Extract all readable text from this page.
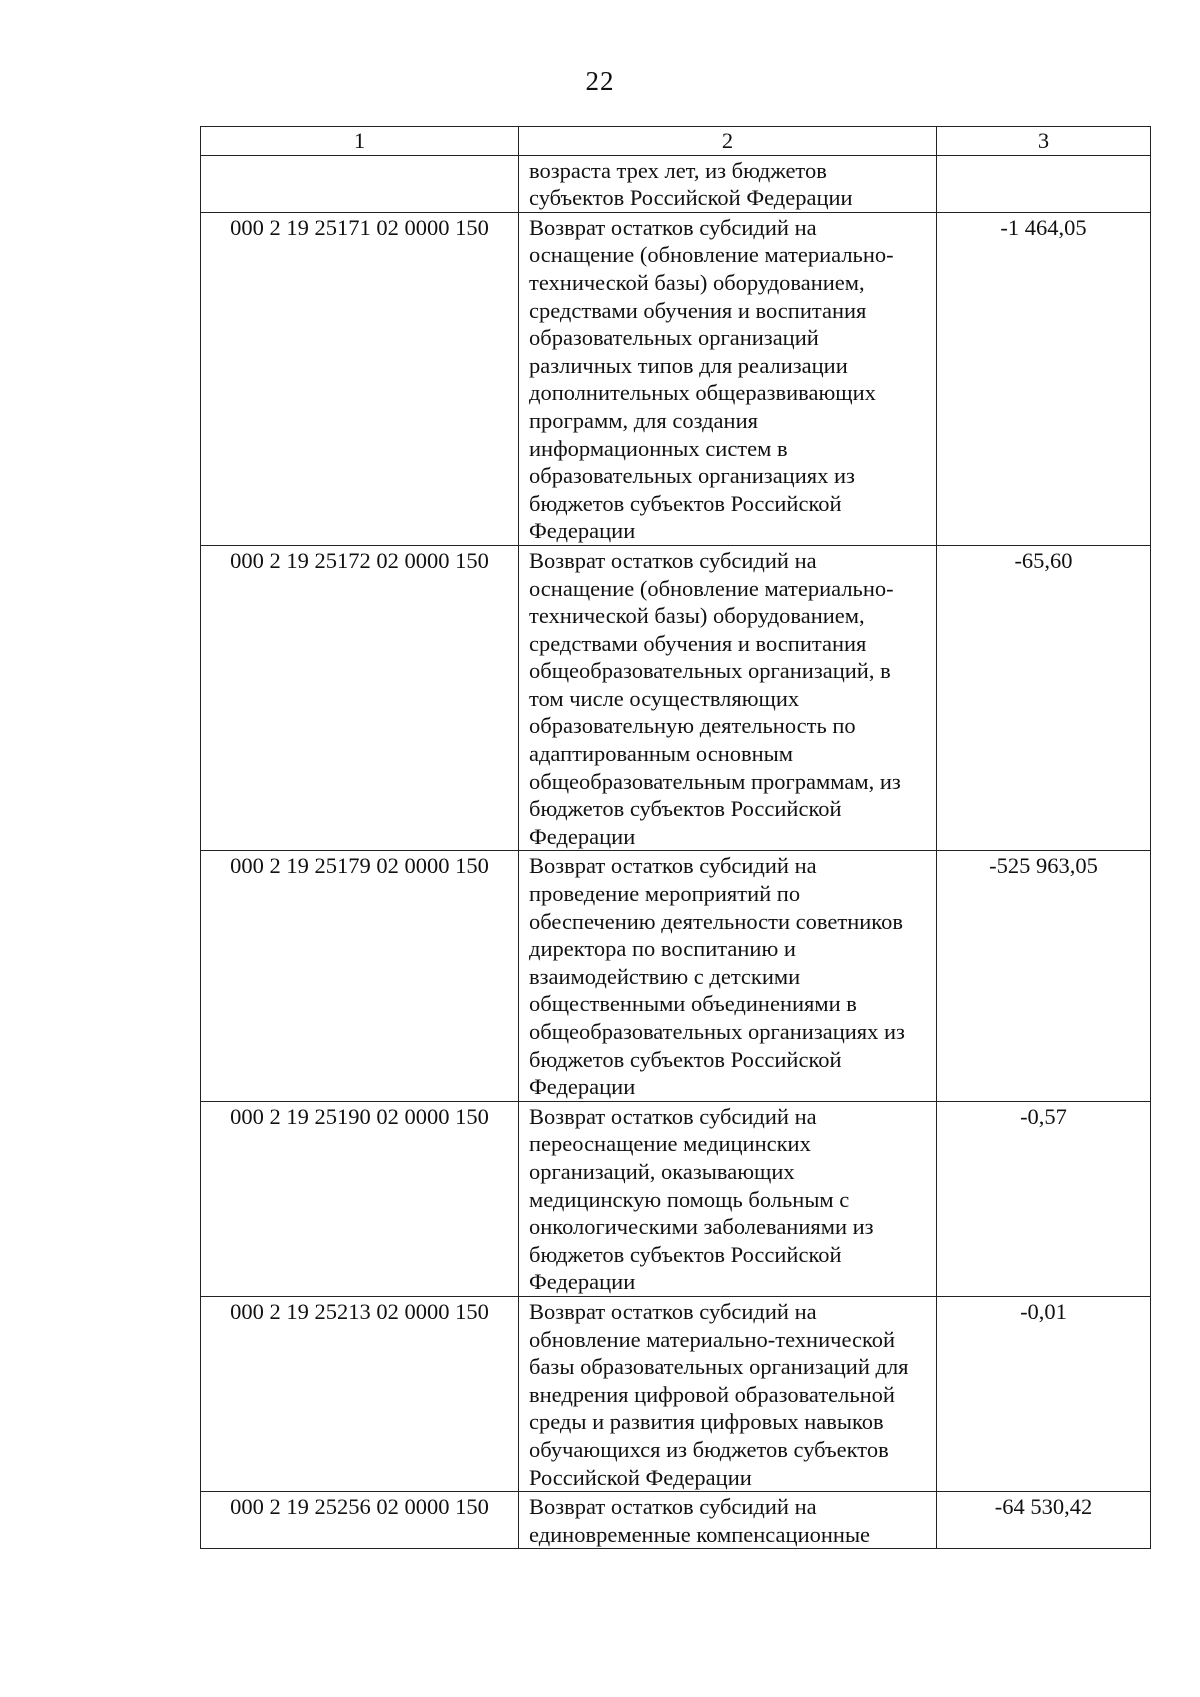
22
1	2	3
	возраста трех лет, из бюджетов субъектов Российской Федерации	
000 2 19 25171 02 0000 150	Возврат остатков субсидий на оснащение (обновление материально-технической базы) оборудованием, средствами обучения и воспитания образовательных организаций различных типов для реализации дополнительных общеразвивающих программ, для создания информационных систем в образовательных организациях из бюджетов субъектов Российской Федерации	-1 464,05
000 2 19 25172 02 0000 150	Возврат остатков субсидий на оснащение (обновление материально-технической базы) оборудованием, средствами обучения и воспитания общеобразовательных организаций, в том числе осуществляющих образовательную деятельность по адаптированным основным общеобразовательным программам, из бюджетов субъектов Российской Федерации	-65,60
000 2 19 25179 02 0000 150	Возврат остатков субсидий на проведение мероприятий по обеспечению деятельности советников директора по воспитанию и взаимодействию с детскими общественными объединениями в общеобразовательных организациях из бюджетов субъектов Российской Федерации	-525 963,05
000 2 19 25190 02 0000 150	Возврат остатков субсидий на переоснащение медицинских организаций, оказывающих медицинскую помощь больным с онкологическими заболеваниями из бюджетов субъектов Российской Федерации	-0,57
000 2 19 25213 02 0000 150	Возврат остатков субсидий на обновление материально-технической базы образовательных организаций для внедрения цифровой образовательной среды и развития цифровых навыков обучающихся из бюджетов субъектов Российской Федерации	-0,01
000 2 19 25256 02 0000 150	Возврат остатков субсидий на единовременные компенсационные	-64 530,42
